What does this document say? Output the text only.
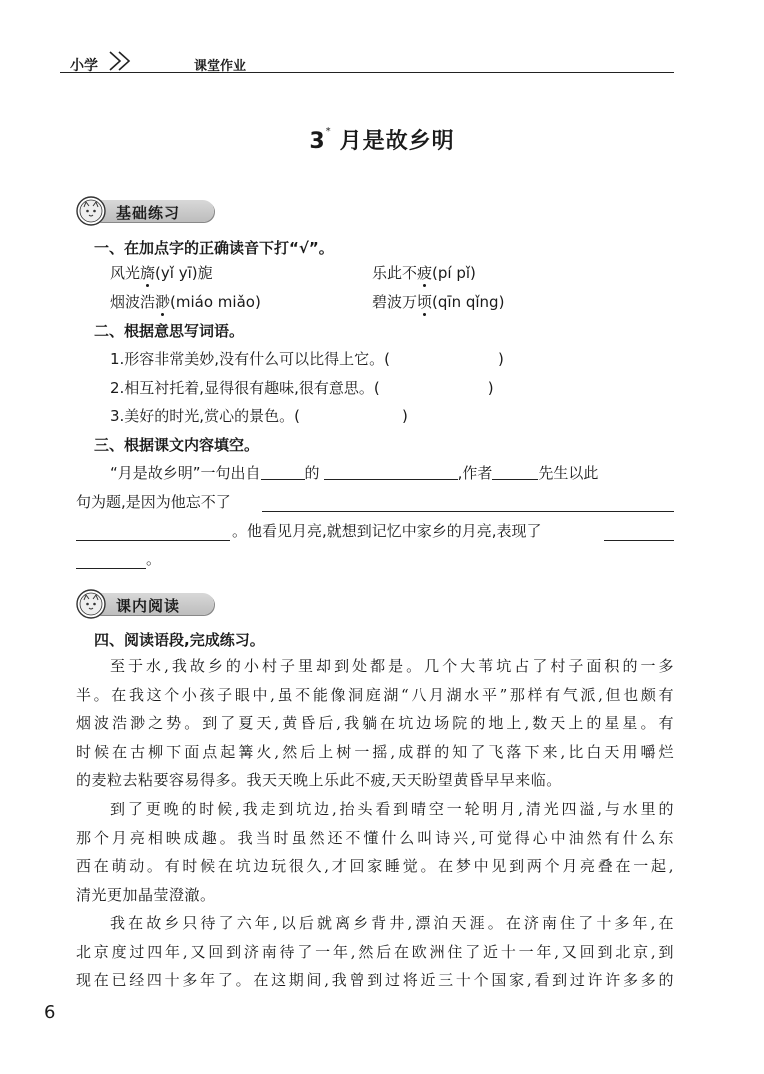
小学	课堂作业
3* 月是故乡明
基础练习
一、在加点字的正确读音下打“√”。
风光旖(yǐ yī)旎	乐此不疲(pí pǐ)
烟波浩渺(miáo miǎo)	碧波万顷(qīn qǐng)
二、根据意思写词语。
1.形容非常美妙,没有什么可以比得上它。(	)
2.相互衬托着,显得很有趣味,很有意思。(	)
3.美好的时光,赏心的景色。(	)
三、根据课文内容填空。
“月是故乡明”一句出自	的	,作者	先生以此
句为题,是因为他忘不了
。他看见月亮,就想到记忆中家乡的月亮,表现了
。
课内阅读
四、阅读语段,完成练习。
至于水,我故乡的小村子里却到处都是。几个大苇坑占了村子面积的一多
半。在我这个小孩子眼中,虽不能像洞庭湖“八月湖水平”那样有气派,但也颇有
烟波浩渺之势。到了夏天,黄昏后,我躺在坑边场院的地上,数天上的星星。有
时候在古柳下面点起篝火,然后上树一摇,成群的知了飞落下来,比白天用嚼烂
的麦粒去粘要容易得多。我天天晚上乐此不疲,天天盼望黄昏早早来临。
到了更晚的时候,我走到坑边,抬头看到晴空一轮明月,清光四溢,与水里的
那个月亮相映成趣。我当时虽然还不懂什么叫诗兴,可觉得心中油然有什么东
西在萌动。有时候在坑边玩很久,才回家睡觉。在梦中见到两个月亮叠在一起,
清光更加晶莹澄澈。
我在故乡只待了六年,以后就离乡背井,漂泊天涯。在济南住了十多年,在
北京度过四年,又回到济南待了一年,然后在欧洲住了近十一年,又回到北京,到
现在已经四十多年了。在这期间,我曾到过将近三十个国家,看到过许许多多的
6
